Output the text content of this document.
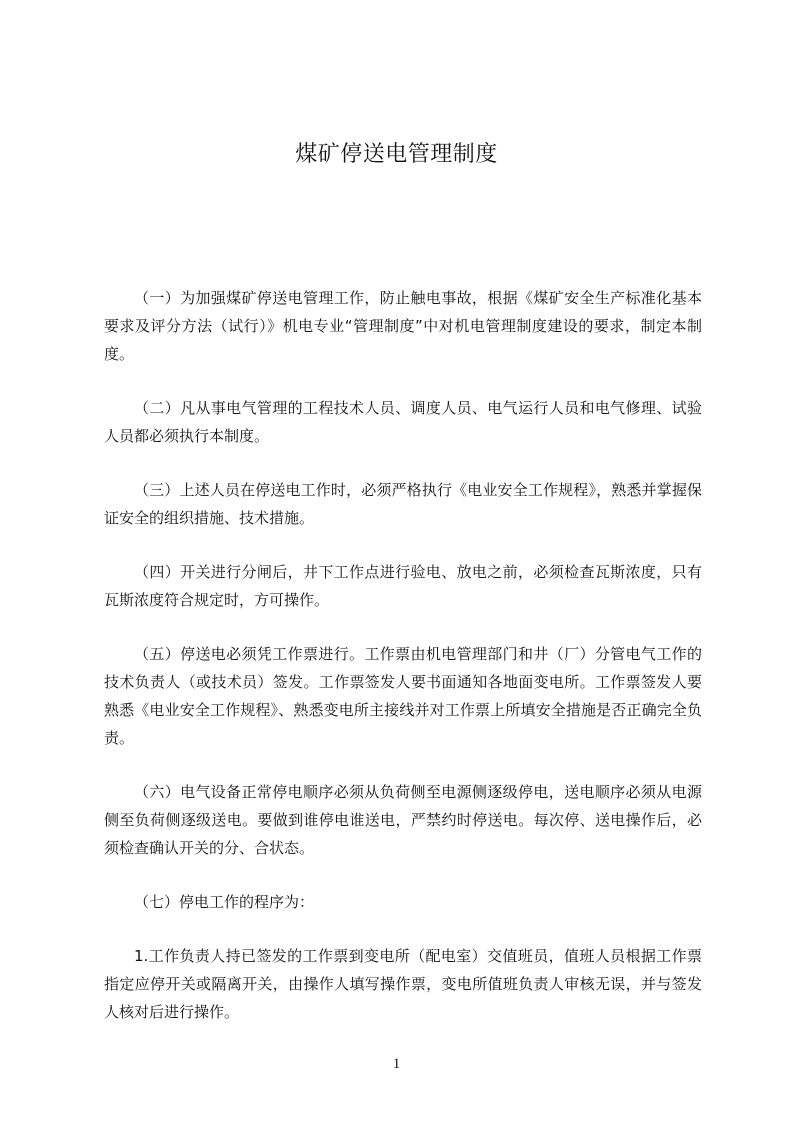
煤矿停送电管理制度

（一）为加强煤矿停送电管理工作，防止触电事故，根据《煤矿安全生产标准化基本要求及评分方法（试行）》机电专业“管理制度”中对机电管理制度建设的要求，制定本制度。

（二）凡从事电气管理的工程技术人员、调度人员、电气运行人员和电气修理、试验人员都必须执行本制度。

（三）上述人员在停送电工作时，必须严格执行《电业安全工作规程》，熟悉并掌握保证安全的组织措施、技术措施。

（四）开关进行分闸后，井下工作点进行验电、放电之前，必须检查瓦斯浓度，只有瓦斯浓度符合规定时，方可操作。

（五）停送电必须凭工作票进行。工作票由机电管理部门和井（厂）分管电气工作的技术负责人（或技术员）签发。工作票签发人要书面通知各地面变电所。工作票签发人要熟悉《电业安全工作规程》、熟悉变电所主接线并对工作票上所填安全措施是否正确完全负责。

（六）电气设备正常停电顺序必须从负荷侧至电源侧逐级停电，送电顺序必须从电源侧至负荷侧逐级送电。要做到谁停电谁送电，严禁约时停送电。每次停、送电操作后，必须检查确认开关的分、合状态。

（七）停电工作的程序为：

1.工作负责人持已签发的工作票到变电所（配电室）交值班员，值班人员根据工作票指定应停开关或隔离开关，由操作人填写操作票，变电所值班负责人审核无误，并与签发人核对后进行操作。

1
